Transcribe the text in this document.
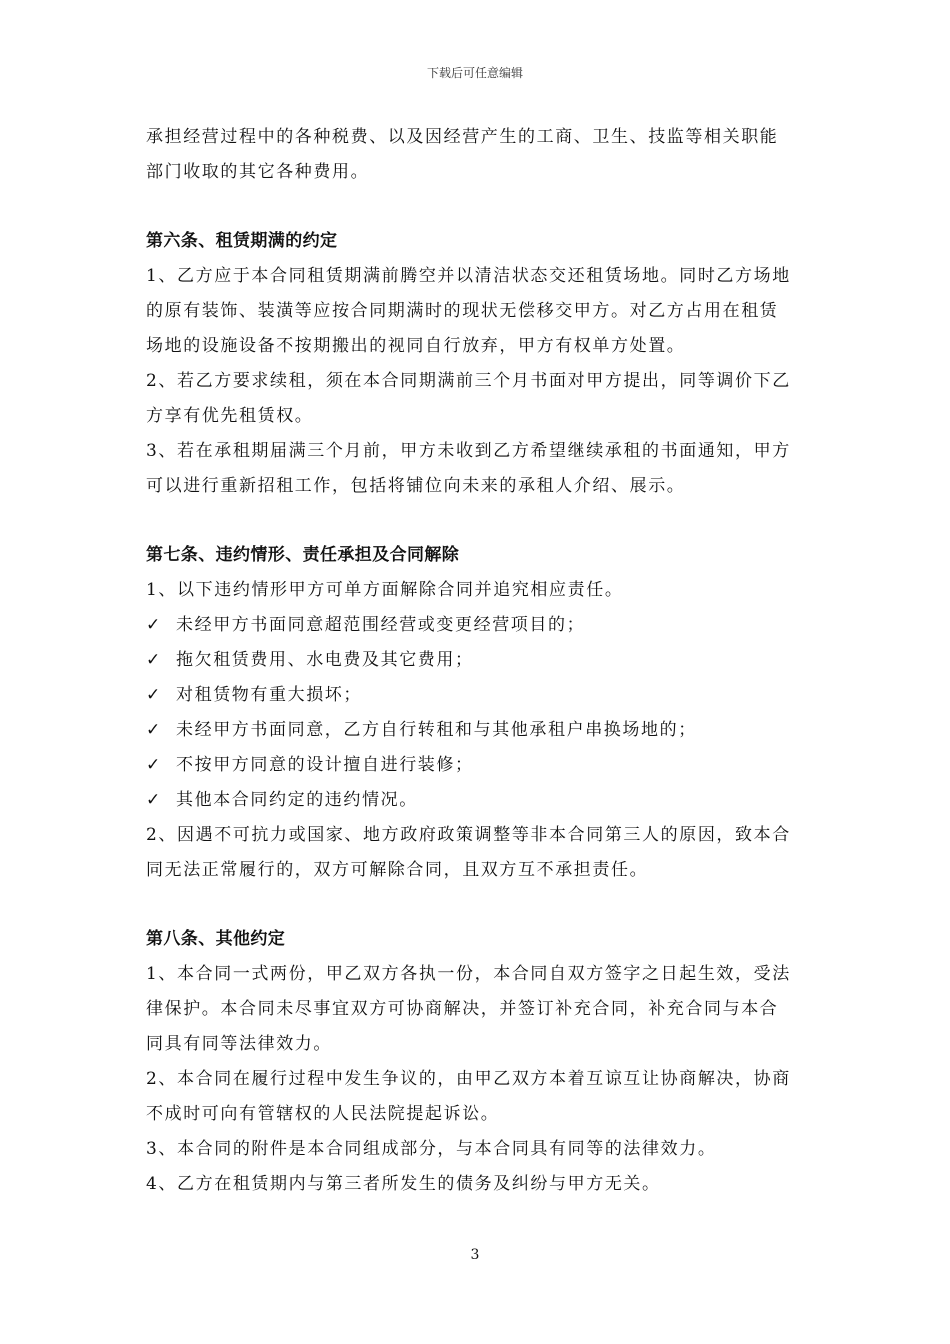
下载后可任意编辑
承担经营过程中的各种税费、以及因经营产生的工商、卫生、技监等相关职能
部门收取的其它各种费用。
第六条、租赁期满的约定
1、乙方应于本合同租赁期满前腾空并以清洁状态交还租赁场地。同时乙方场地
的原有装饰、装潢等应按合同期满时的现状无偿移交甲方。对乙方占用在租赁
场地的设施设备不按期搬出的视同自行放弃，甲方有权单方处置。
2、若乙方要求续租，须在本合同期满前三个月书面对甲方提出，同等调价下乙
方享有优先租赁权。
3、若在承租期届满三个月前，甲方未收到乙方希望继续承租的书面通知，甲方
可以进行重新招租工作，包括将铺位向未来的承租人介绍、展示。
第七条、违约情形、责任承担及合同解除
1、以下违约情形甲方可单方面解除合同并追究相应责任。
✓ 未经甲方书面同意超范围经营或变更经营项目的；
✓ 拖欠租赁费用、水电费及其它费用；
✓ 对租赁物有重大损坏；
✓ 未经甲方书面同意，乙方自行转租和与其他承租户串换场地的；
✓ 不按甲方同意的设计擅自进行装修；
✓ 其他本合同约定的违约情况。
2、因遇不可抗力或国家、地方政府政策调整等非本合同第三人的原因，致本合
同无法正常履行的，双方可解除合同，且双方互不承担责任。
第八条、其他约定
1、本合同一式两份，甲乙双方各执一份，本合同自双方签字之日起生效，受法
律保护。本合同未尽事宜双方可协商解决，并签订补充合同，补充合同与本合
同具有同等法律效力。
2、本合同在履行过程中发生争议的，由甲乙双方本着互谅互让协商解决，协商
不成时可向有管辖权的人民法院提起诉讼。
3、本合同的附件是本合同组成部分，与本合同具有同等的法律效力。
4、乙方在租赁期内与第三者所发生的债务及纠纷与甲方无关。
3
